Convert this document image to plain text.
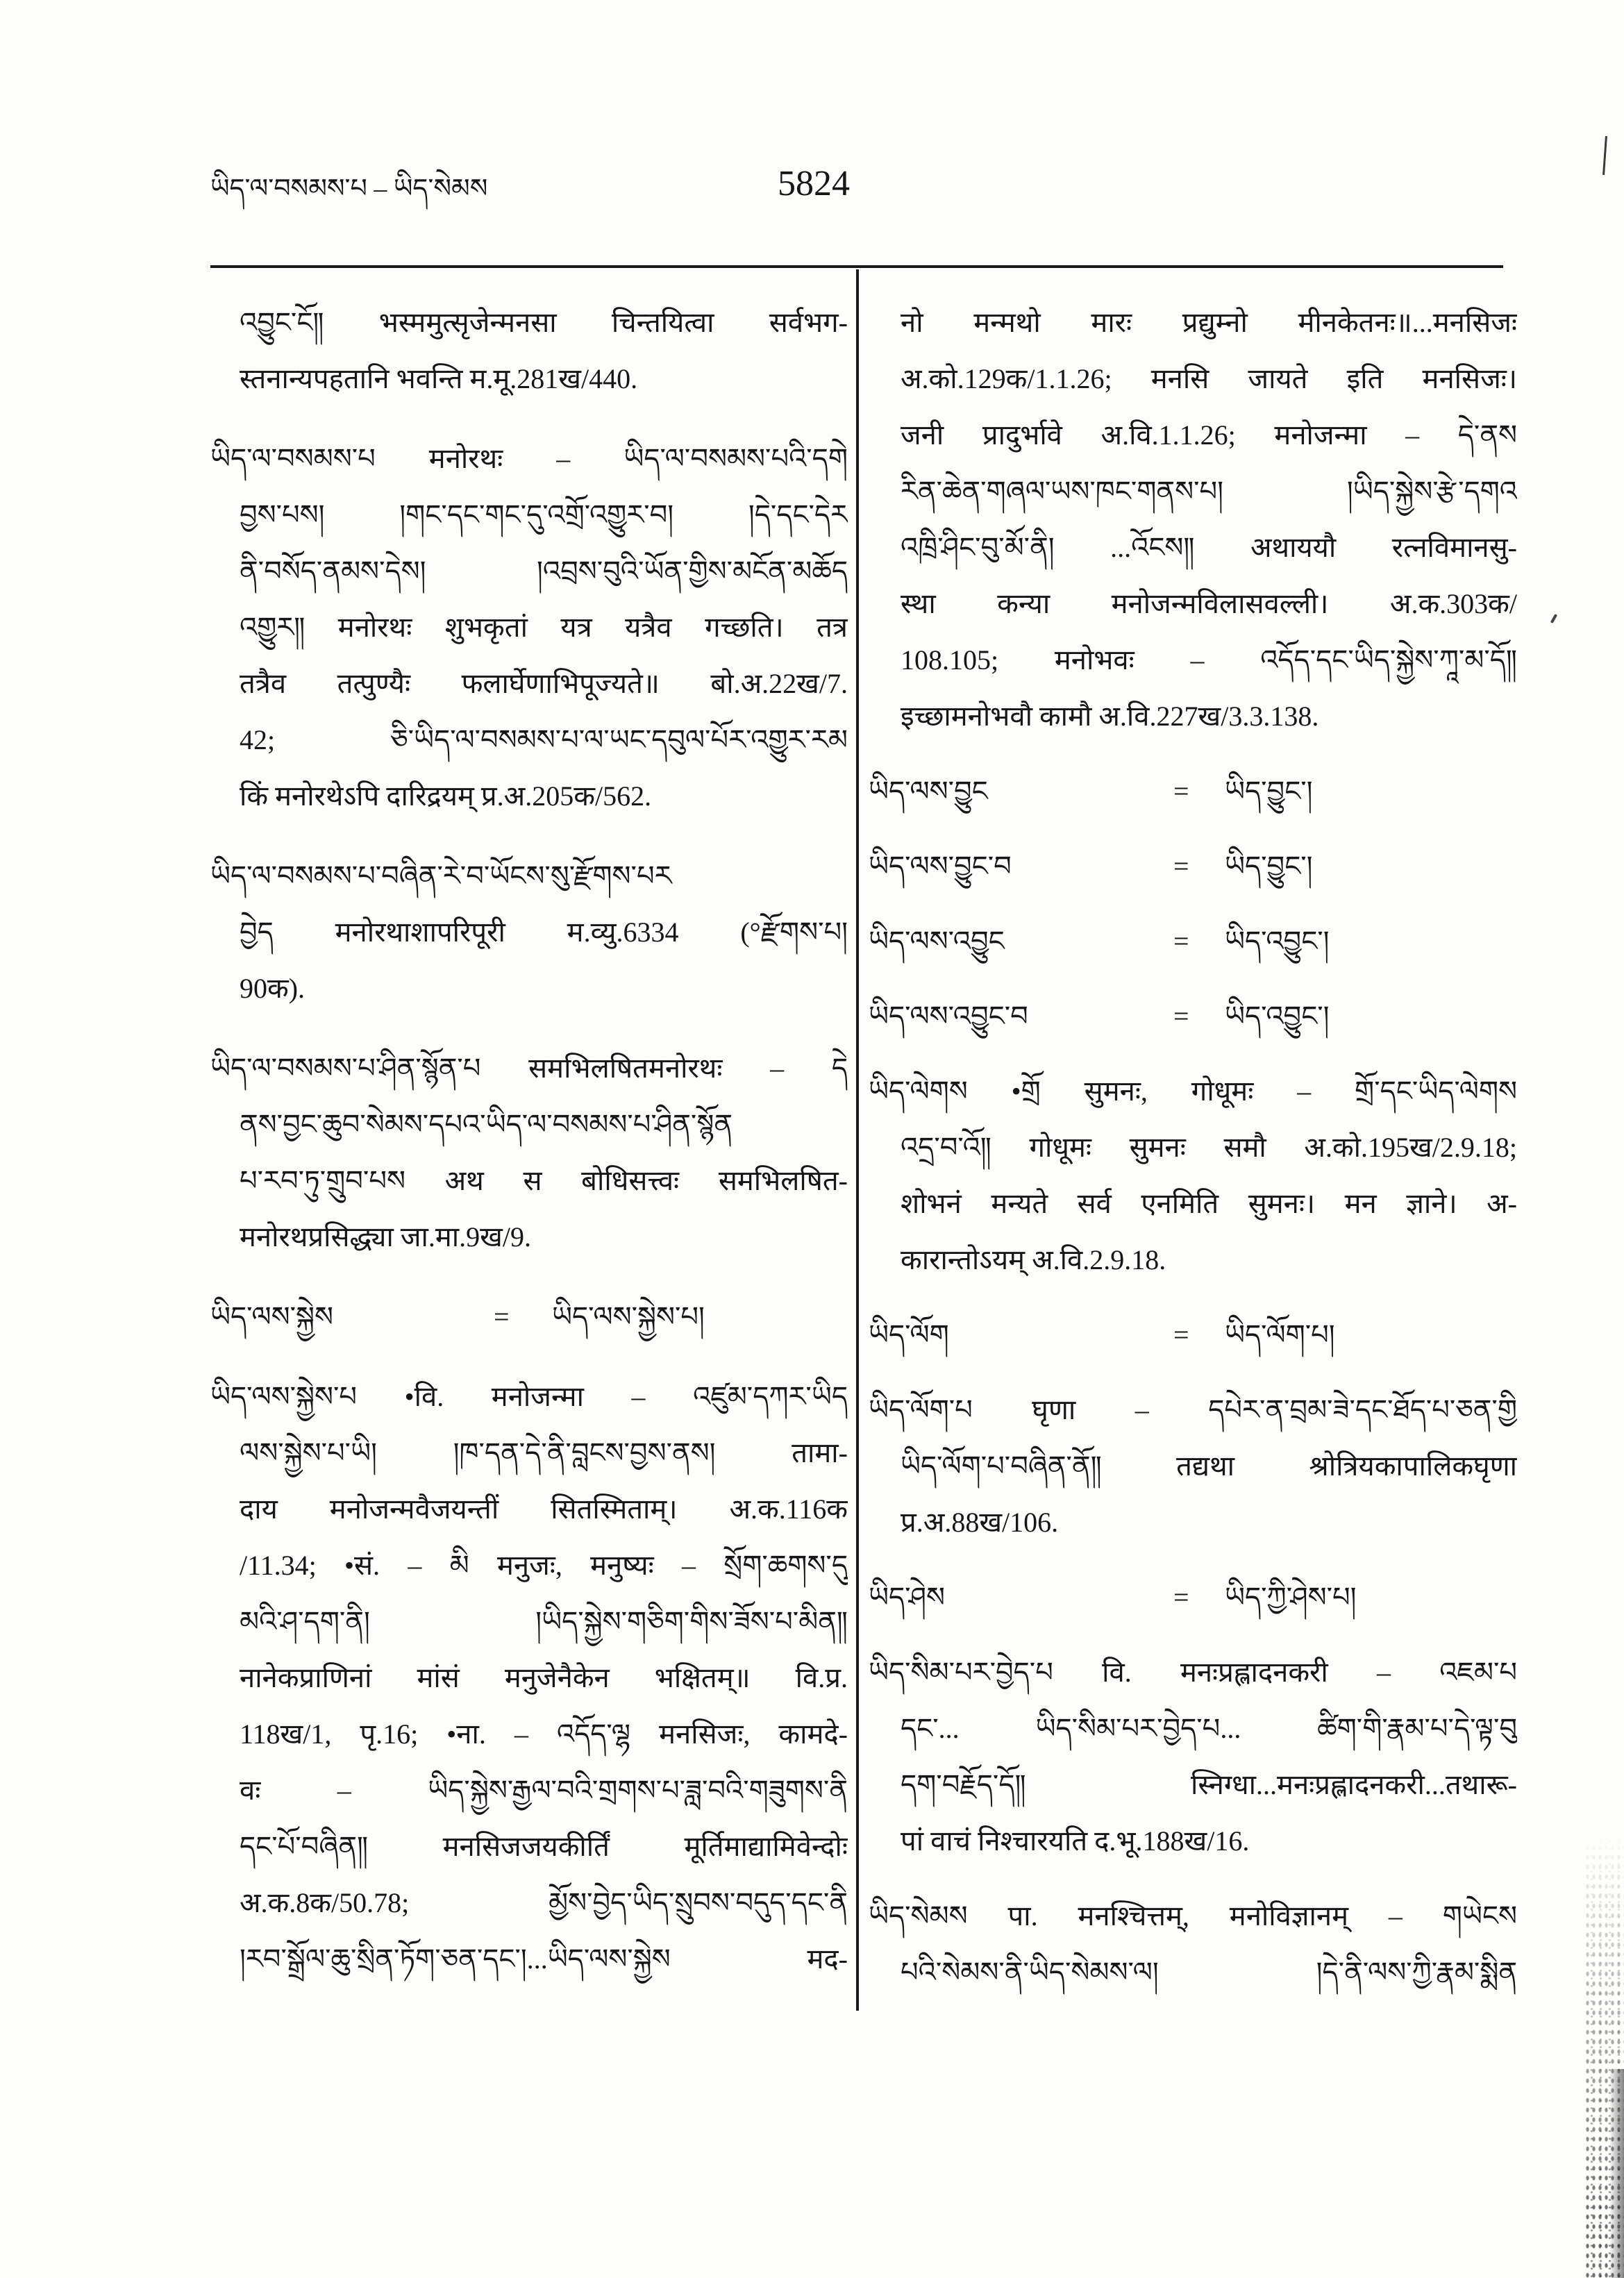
ཡིད་ལ་བསམས་པ – ཡིད་སེམས	5824
འབྱུང་ངོ༎ भस्ममुत्सृजेन्मनसा चिन्तयित्वा सर्वभग-
स्तनान्यपहतानि भवन्ति म.मू.281ख/440.
ཡིད་ལ་བསམས་པ मनोरथः – ཡིད་ལ་བསམས་པའི་དགེ
བྱས་པས། །གང་དང་གང་དུ་འགྲོ་འགྱུར་བ། །དེ་དང་དེར
ནི་བསོད་ནམས་དེས། །འབྲས་བུའི་ཡོན་གྱིས་མངོན་མཆོད
འགྱུར༎ मनोरथः शुभकृतां यत्र यत्रैव गच्छति। तत्र
तत्रैव तत्पुण्यैः फलार्घेणाभिपूज्यते॥ बो.अ.22ख/7.
42; ཅི་ཡིད་ལ་བསམས་པ་ལ་ཡང་དབུལ་པོར་འགྱུར་རམ
किं मनोरथेऽपि दारिद्रयम् प्र.अ.205क/562.
ཡིད་ལ་བསམས་པ་བཞིན་རེ་བ་ཡོངས་སུ་རྫོགས་པར
བྱེད मनोरथाशापरिपूरी म.व्यु.6334 (°རྫོགས་པ།
90क).
ཡིད་ལ་བསམས་པ་ཤིན་སྙོན་པ समभिलषितमनोरथः – དེ
ནས་བྱང་ཆུབ་སེམས་དཔའ་ཡིད་ལ་བསམས་པ་ཤིན་སྙོན
པ་རབ་ཏུ་གྲུབ་པས अथ स बोधिसत्त्वः समभिलषित-
मनोरथप्रसिद्ध्या जा.मा.9ख/9.
ཡིད་ལས་སྐྱེས	= ཡིད་ལས་སྐྱེས་པ།
ཡིད་ལས་སྐྱེས་པ •वि. मनोजन्मा – འཛུམ་དཀར་ཡིད
ལས་སྐྱེས་པ་ཡི། །ཁ་དན་དེ་ནི་བླངས་བྱས་ནས། तामा-
दाय मनोजन्मवैजयन्तीं सितस्मिताम्। अ.क.116क
/11.34; •सं. – མི मनुजः, मनुष्यः – སྲོག་ཆགས་དུ
མའི་ཤ་དག་ནི། །ཡིད་སྐྱེས་གཅིག་གིས་ཟོས་པ་མིན༎
नानेकप्राणिनां मांसं मनुजेनैकेन भक्षितम्॥ वि.प्र.
118ख/1, पृ.16; •ना. – འདོད་ལྷ मनसिजः, कामदे-
वः – ཡིད་སྐྱེས་རྒྱལ་བའི་གྲགས་པ་ཟླ་བའི་གཟུགས་ནི
དང་པོ་བཞིན༎ मनसिजजयकीर्तिं मूर्तिमाद्यामिवेन्दोः
अ.क.8क/50.78; མྱོས་བྱེད་ཡིད་སྲུབས་བདུད་དང་ནི
།རབ་སྒྲོལ་ཆུ་སྲིན་ཏོག་ཅན་དང་།...ཡིད་ལས་སྐྱེས मद-
नो मन्मथो मारः प्रद्युम्नो मीनकेतनः॥...मनसिजः
अ.को.129क/1.1.26; मनसि जायते इति मनसिजः।
जनी प्रादुर्भावे अ.वि.1.1.26; मनोजन्मा – དེ་ནས
རིན་ཆེན་གཞལ་ཡས་ཁང་གནས་པ། །ཡིད་སྐྱེས་རྩེ་དགའ
འཁྲི་ཤིང་བུ་མོ་ནི། ...འོངས༎ अथाययौ रत्नविमानसु-
स्था कन्या मनोजन्मविलासवल्ली। अ.क.303क/
108.105; मनोभवः – འདོད་དང་ཡིད་སྐྱེས་ཀཱ་མ་དོ༎
इच्छामनोभवौ कामौ अ.वि.227ख/3.3.138.
ཡིད་ལས་བྱུང	= ཡིད་བྱུང་།
ཡིད་ལས་བྱུང་བ	= ཡིད་བྱུང་།
ཡིད་ལས་འབྱུང	= ཡིད་འབྱུང་།
ཡིད་ལས་འབྱུང་བ	= ཡིད་འབྱུང་།
ཡིད་ལེགས •གྲོ सुमनः, गोधूमः – གྲོ་དང་ཡིད་ལེགས
འདྲ་བ་འོ༎ गोधूमः सुमनः समौ अ.को.195ख/2.9.18;
शोभनं मन्यते सर्व एनमिति सुमनः। मन ज्ञाने। अ-
कारान्तोऽयम् अ.वि.2.9.18.
ཡིད་ལོག	= ཡིད་ལོག་པ།
ཡིད་ལོག་པ घृणा – དཔེར་ན་བྲམ་ཟེ་དང་ཐོད་པ་ཅན་གྱི
ཡིད་ལོག་པ་བཞིན་ནོ༎ तद्यथा श्रोत्रियकापालिकघृणा
प्र.अ.88ख/106.
ཡིད་ཤེས	= ཡིད་ཀྱི་ཤེས་པ།
ཡིད་སིམ་པར་བྱེད་པ वि. मनःप्रह्लादनकरी – འཇམ་པ
དང་... ཡིད་སིམ་པར་བྱེད་པ... ཚིག་གི་རྣམ་པ་དེ་ལྟ་བུ
དག་བརྗོད་དོ༎ स्निग्धा...मनःप्रह्लादनकरी...तथारू-
पां वाचं निश्चारयति द.भू.188ख/16.
ཡིད་སེམས पा. मनश्चित्तम्, मनोविज्ञानम् – གཡེངས
པའི་སེམས་ནི་ཡིད་སེམས་ལ། །དེ་ནི་ལས་ཀྱི་རྣམ་སྨིན
